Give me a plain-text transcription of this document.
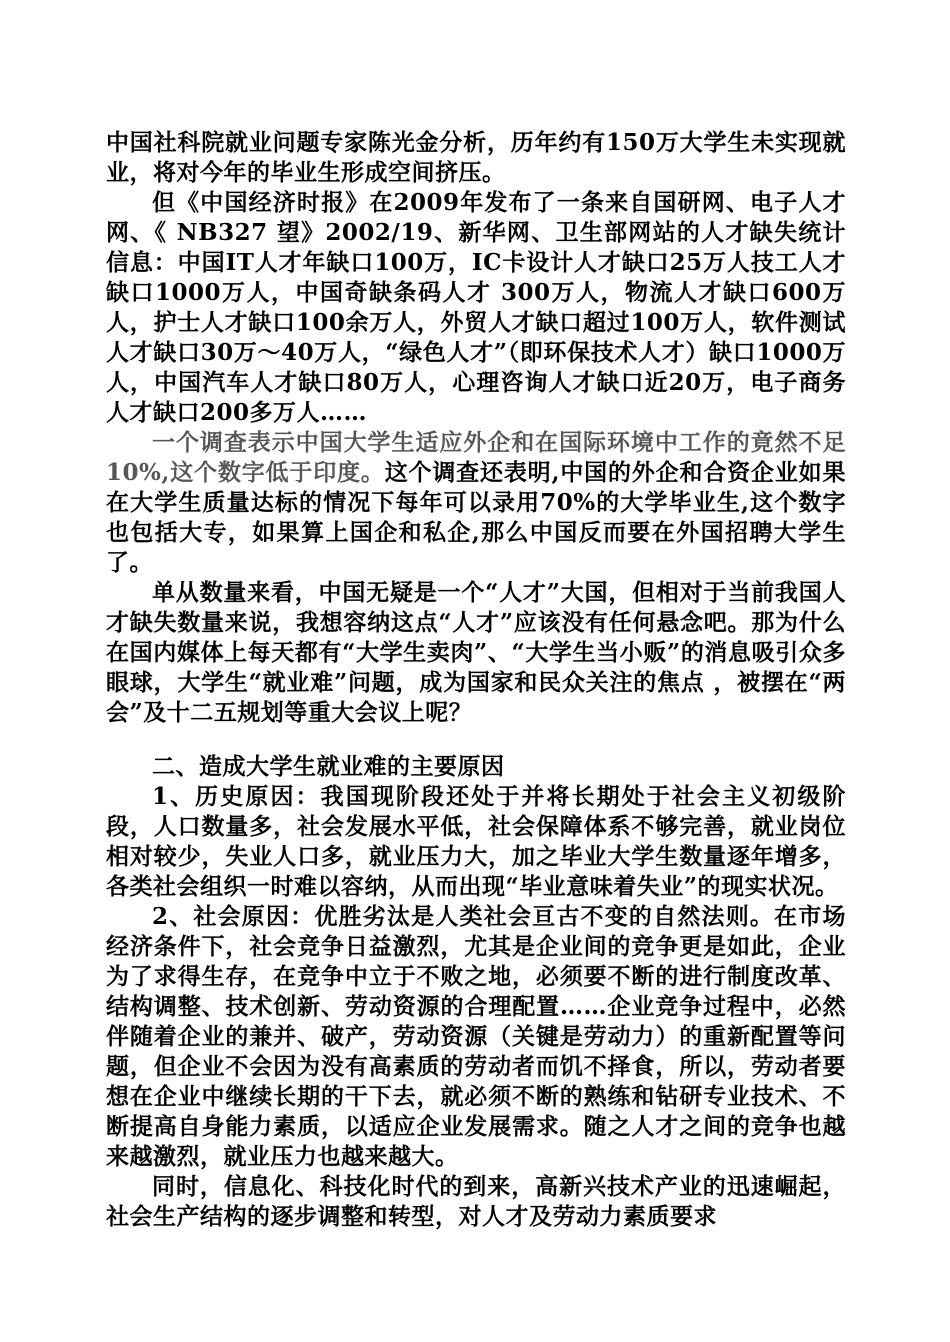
中国社科院就业问题专家陈光金分析，历年约有150万大学生未实现就业，将对今年的毕业生形成空间挤压。

但《中国经济时报》在2009年发布了一条来自国研网、电子人才网、《 NB327 望》2002/19、新华网、卫生部网站的人才缺失统计信息：中国IT人才年缺口100万，IC卡设计人才缺口25万人技工人才缺口1000万人，中国奇缺条码人才 300万人，物流人才缺口600万人，护士人才缺口100余万人，外贸人才缺口超过100万人，软件测试人才缺口30万～40万人，“绿色人才”（即环保技术人才）缺口1000万人，中国汽车人才缺口80万人，心理咨询人才缺口近20万，电子商务人才缺口200多万人……

一个调查表示中国大学生适应外企和在国际环境中工作的竟然不足10%,这个数字低于印度。这个调查还表明,中国的外企和合资企业如果在大学生质量达标的情况下每年可以录用70%的大学毕业生,这个数字也包括大专，如果算上国企和私企,那么中国反而要在外国招聘大学生了。

单从数量来看，中国无疑是一个“人才”大国，但相对于当前我国人才缺失数量来说，我想容纳这点“人才”应该没有任何悬念吧。那为什么在国内媒体上每天都有“大学生卖肉”、“大学生当小贩”的消息吸引众多眼球，大学生“就业难”问题，成为国家和民众关注的焦点 ，被摆在“两会”及十二五规划等重大会议上呢？

二、造成大学生就业难的主要原因

1、历史原因：我国现阶段还处于并将长期处于社会主义初级阶段，人口数量多，社会发展水平低，社会保障体系不够完善，就业岗位相对较少，失业人口多，就业压力大，加之毕业大学生数量逐年增多，各类社会组织一时难以容纳，从而出现“毕业意味着失业”的现实状况。

2、社会原因：优胜劣汰是人类社会亘古不变的自然法则。在市场经济条件下，社会竞争日益激烈，尤其是企业间的竞争更是如此，企业为了求得生存，在竞争中立于不败之地，必须要不断的进行制度改革、结构调整、技术创新、劳动资源的合理配置……企业竞争过程中，必然伴随着企业的兼并、破产，劳动资源（关键是劳动力）的重新配置等问题，但企业不会因为没有高素质的劳动者而饥不择食，所以，劳动者要想在企业中继续长期的干下去，就必须不断的熟练和钻研专业技术、不断提高自身能力素质，以适应企业发展需求。随之人才之间的竞争也越来越激烈，就业压力也越来越大。

同时，信息化、科技化时代的到来，高新兴技术产业的迅速崛起，社会生产结构的逐步调整和转型，对人才及劳动力素质要求
